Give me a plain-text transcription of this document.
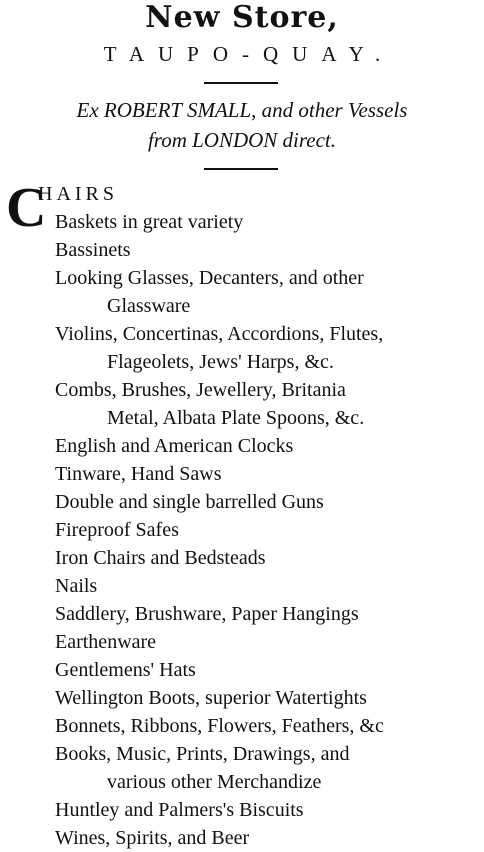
New Store,
TAUPO-QUAY.
Ex ROBERT SMALL, and other Vessels
from LONDON direct.
C
HAIRS
Baskets in great variety
Bassinets
Looking Glasses, Decanters, and other
Glassware
Violins, Concertinas, Accordions, Flutes,
Flageolets, Jews' Harps, &c.
Combs, Brushes, Jewellery, Britania
Metal, Albata Plate Spoons, &c.
English and American Clocks
Tinware, Hand Saws
Double and single barrelled Guns
Fireproof Safes
Iron Chairs and Bedsteads
Nails
Saddlery, Brushware, Paper Hangings
Earthenware
Gentlemens' Hats
Wellington Boots, superior Watertights
Bonnets, Ribbons, Flowers, Feathers, &c
Books, Music, Prints, Drawings, and
various other Merchandize
Huntley and Palmers's Biscuits
Wines, Spirits, and Beer
